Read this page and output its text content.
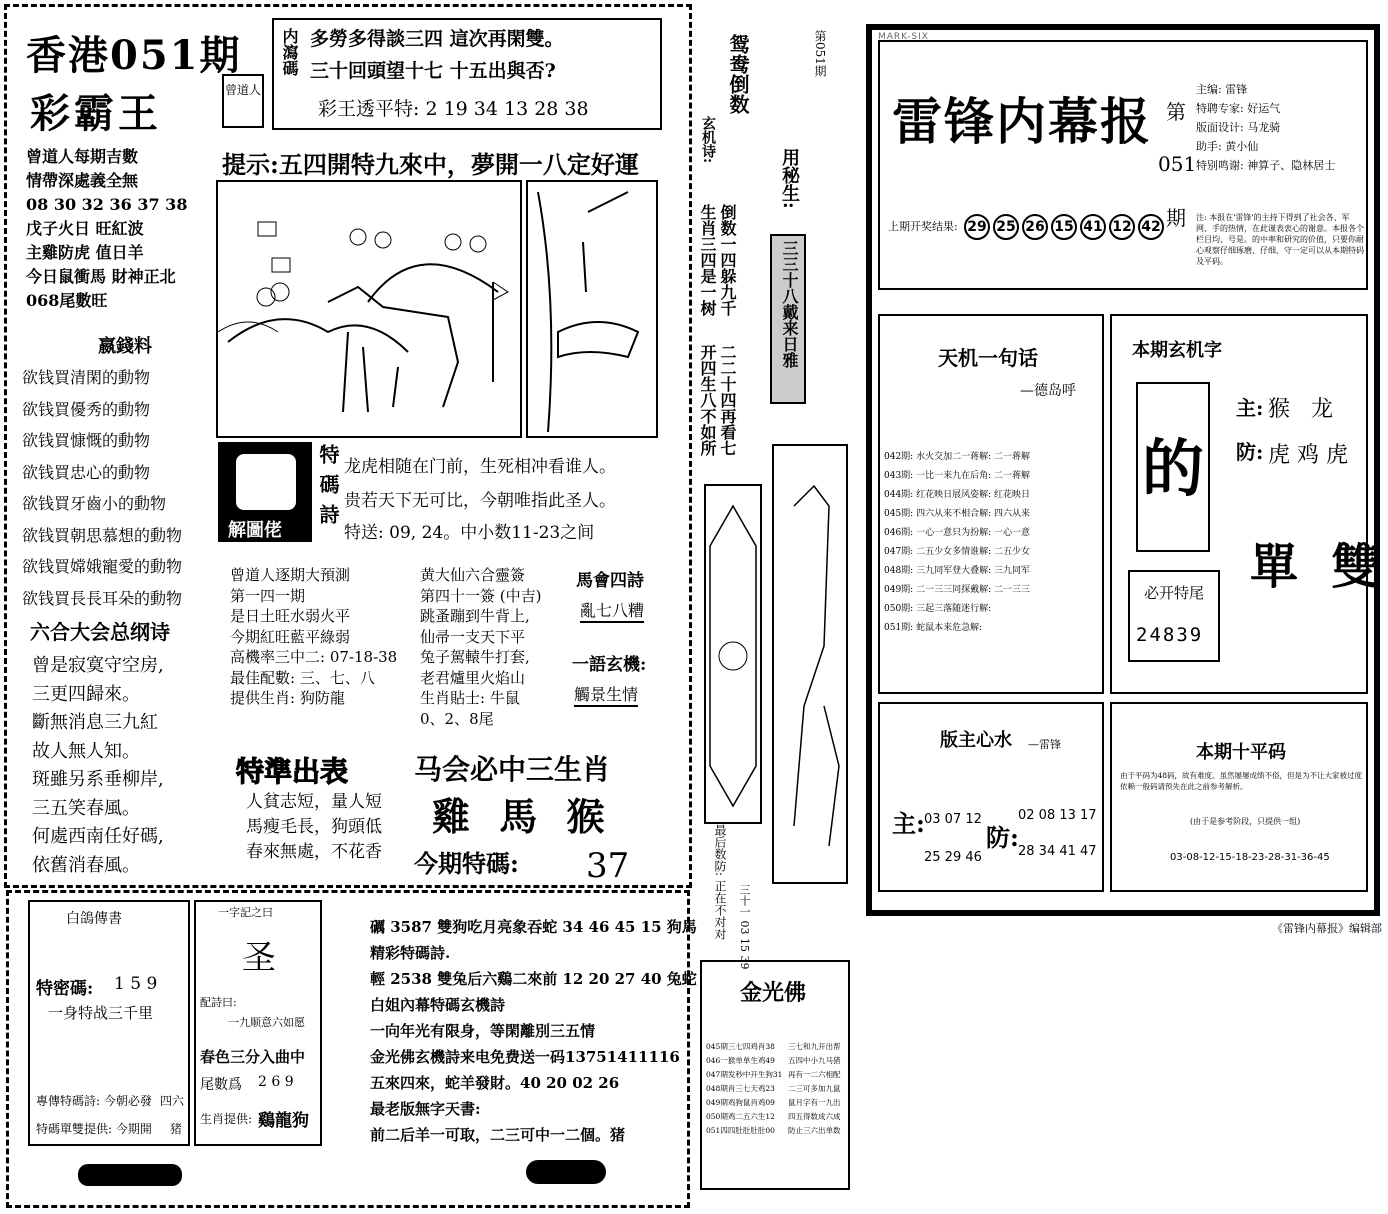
香港051期
彩霸王	曾道人
内瀉碼 多勞多得談三四 這次再閑雙。
三十回頭望十七 十五出與否?
彩王透平特: 2 19 34 13 28 38
提示:五四開特九來中，夢開一八定好運
曾道人每期吉數
情帶深處義全無
08 30 32 36 37 38
戊子火日 旺紅波
主雞防虎 值日羊
今日鼠衝馬 財神正北
068尾數旺
嬴錢料
欲钱買清閑的動物
欲钱買優秀的動物
欲钱買慷慨的動物
欲钱買忠心的動物
欲钱買牙齒小的動物
欲钱買朝思慕想的動物
欲钱買嫦娥寵愛的動物
欲钱買長長耳朵的動物
六合大会总纲诗
曾是寂寞守空房,
三更四歸來。
斷無消息三九紅
故人無人知。
斑雖另系垂柳岸,
三五笑春風。
何處西南任好碼,
依舊消春風。
解圖佬 特碼詩 龙虎相随在门前，生死相冲看谁人。
贵若天下无可比，今朝唯指此圣人。
特送: 09, 24。中小数11-23之间
曾道人逐期大預測
第一四一期
是日土旺水弱火平
今期紅旺藍平綠弱
高機率三中二: 07-18-38
最佳配數: 三、七、八
提供生肖: 狗防龍
黄大仙六合靈簽
第四十一簽 (中吉)
跳蚤蹦到牛背上,
仙帚一支天下平
兔子駕轅牛打套,
老君爐里火焰山
生肖貼士: 牛鼠
0、2、8尾
馬會四詩
亂七八糟
一語玄機:
觸景生情
特準出表
人貧志短，量人短
馬瘦毛長，狗頭低
春來無處，不花香
马会必中三生肖
雞 馬 猴
今期特碼: 37
鸳鸯倒数	第051期
玄机诗:
生肖三四是一树 倒数一四躲九千
开四生八不如所 二二十四再看七
用秘生:
三三十八戴来日雅
最后数防: 正在不对对 三十一 03 15 39
白鴿傳書
特密碼: 1 5 9
一身特战三千里
專傳特碼詩: 今朝必發 四六
特碼單雙提供: 今期開 猪
一字記之曰
圣
配詩曰:
一九顺意六如愿
春色三分入曲中
尾數爲 2 6 9
生肖提供: 鷄龍狗
礪 3587 雙狗吃月亮象吞蛇 34 46 45 15 狗馬
精彩特碼詩.
輕 2538 雙兔后六鷄二來前 12 20 27 40 兔蛇
白姐內幕特碼玄機詩
一向年光有限身，等閑離別三五情
金光佛玄機詩来电免费送一码13751411116
五來四來，蛇羊發財。40 20 02 26
最老版無字天書:
前二后羊一可取，二三可中一二個。猪
金光佛
045期三七四鸡肖38
046一猴单单生鸡49
047期发秒中开生狗31
048期肖三七天鸡23
049期鸡狗鼠肖鸡09
050期鸡二五六生12
051四四肚肚肚肚00
三七和九开出帮
五四中小九马猪
再有一二六相配
二三可多加九鼠
鼠月字有一九出
四五得数成六成
防止三六出单数
MARK-SIX
雷锋内幕报 第
051
期
主编: 雷锋
特聘专家: 好运气
版面设计: 马龙骑
助手: 黄小仙
特别鸣谢: 神算子、隐林居士
注: 本报在'雷锋'的主持下得到了社会各、军网、手的热情，在此谨表衷心的谢意。本报各个栏目均、号是。的中率和研究的价值，只要你耐心观察仔细琢磨、仔细、守一定可以从本期特码及平码。
上期开奖结果: 29 25 26 15 41 12 42
天机一句话
—德岛呼
042期: 水火交加二一蒋解: 二一蒋解
043期: 一比一来九在后角: 二一蒋解
044期: 红花映日展风姿解: 红花映日
045期: 四六从来不相合解: 四六从来
046期: 一心一意只为扮解: 一心一意
047期: 二五少女多情谁解: 二五少女
048期: 三九同军登大叠解: 三九同军
049期: 二一三三同探戴解: 二一三三
050期: 三起三落随迷行解:
051期: 蛇鼠本来危急解:
本期玄机字
的
主: 猴   龙
防: 虎 鸡 虎
必开特尾
24839
單  雙
版主心水 —雷锋
主: 03 07 12
25 29 46
防:
02 08 13 17
28 34 41 47
本期十平码
由于平码为48码，故有难度。虽然屡屡成绩不俗，但是为不让大家被过度依赖一般码请预先在此之前参考解析。
(由于是参考阶段，只提供一组)
03-08-12-15-18-23-28-31-36-45
《雷锋内幕报》编辑部
